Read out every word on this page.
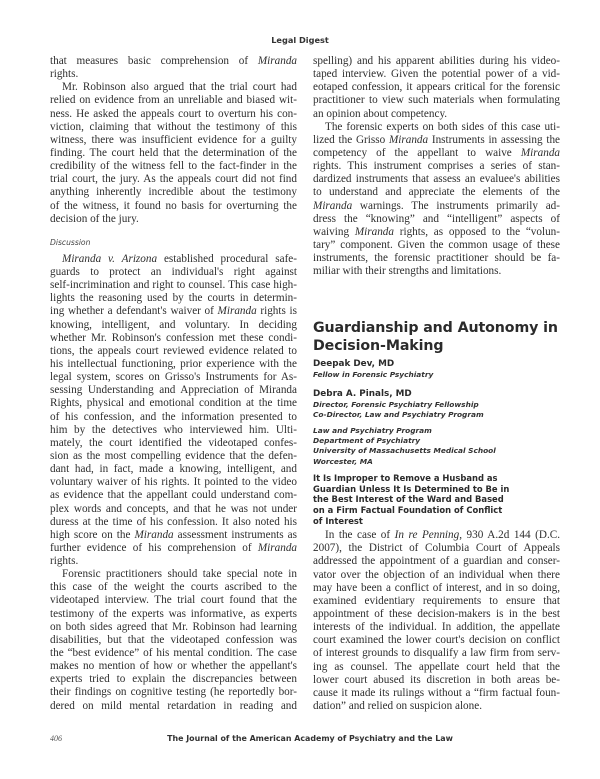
Legal Digest
that measures basic comprehension of Miranda
rights.
Mr. Robinson also argued that the trial court had
relied on evidence from an unreliable and biased wit-
ness. He asked the appeals court to overturn his con-
viction, claiming that without the testimony of this
witness, there was insufficient evidence for a guilty
finding. The court held that the determination of the
credibility of the witness fell to the fact-finder in the
trial court, the jury. As the appeals court did not find
anything inherently incredible about the testimony
of the witness, it found no basis for overturning the
decision of the jury.
Discussion
Miranda v. Arizona established procedural safe-
guards to protect an individual's right against
self-incrimination and right to counsel. This case high-
lights the reasoning used by the courts in determin-
ing whether a defendant's waiver of Miranda rights is
knowing, intelligent, and voluntary. In deciding
whether Mr. Robinson's confession met these condi-
tions, the appeals court reviewed evidence related to
his intellectual functioning, prior experience with the
legal system, scores on Grisso's Instruments for As-
sessing Understanding and Appreciation of Miranda
Rights, physical and emotional condition at the time
of his confession, and the information presented to
him by the detectives who interviewed him. Ulti-
mately, the court identified the videotaped confes-
sion as the most compelling evidence that the defen-
dant had, in fact, made a knowing, intelligent, and
voluntary waiver of his rights. It pointed to the video
as evidence that the appellant could understand com-
plex words and concepts, and that he was not under
duress at the time of his confession. It also noted his
high score on the Miranda assessment instruments as
further evidence of his comprehension of Miranda
rights.
Forensic practitioners should take special note in
this case of the weight the courts ascribed to the
videotaped interview. The trial court found that the
testimony of the experts was informative, as experts
on both sides agreed that Mr. Robinson had learning
disabilities, but that the videotaped confession was
the “best evidence” of his mental condition. The case
makes no mention of how or whether the appellant's
experts tried to explain the discrepancies between
their findings on cognitive testing (he reportedly bor-
dered on mild mental retardation in reading and
spelling) and his apparent abilities during his video-
taped interview. Given the potential power of a vid-
eotaped confession, it appears critical for the forensic
practitioner to view such materials when formulating
an opinion about competency.
The forensic experts on both sides of this case uti-
lized the Grisso Miranda Instruments in assessing the
competency of the appellant to waive Miranda
rights. This instrument comprises a series of stan-
dardized instruments that assess an evaluee's abilities
to understand and appreciate the elements of the
Miranda warnings. The instruments primarily ad-
dress the “knowing” and “intelligent” aspects of
waiving Miranda rights, as opposed to the “volun-
tary” component. Given the common usage of these
instruments, the forensic practitioner should be fa-
miliar with their strengths and limitations.
Guardianship and Autonomy in
Decision-Making
Deepak Dev, MD
Fellow in Forensic Psychiatry
Debra A. Pinals, MD
Director, Forensic Psychiatry Fellowship
Co-Director, Law and Psychiatry Program
Law and Psychiatry Program
Department of Psychiatry
University of Massachusetts Medical School
Worcester, MA
It Is Improper to Remove a Husband as
Guardian Unless It Is Determined to Be in
the Best Interest of the Ward and Based
on a Firm Factual Foundation of Conflict
of Interest
In the case of In re Penning, 930 A.2d 144 (D.C.
2007), the District of Columbia Court of Appeals
addressed the appointment of a guardian and conser-
vator over the objection of an individual when there
may have been a conflict of interest, and in so doing,
examined evidentiary requirements to ensure that
appointment of these decision-makers is in the best
interests of the individual. In addition, the appellate
court examined the lower court's decision on conflict
of interest grounds to disqualify a law firm from serv-
ing as counsel. The appellate court held that the
lower court abused its discretion in both areas be-
cause it made its rulings without a “firm factual foun-
dation” and relied on suspicion alone.
406	The Journal of the American Academy of Psychiatry and the Law
